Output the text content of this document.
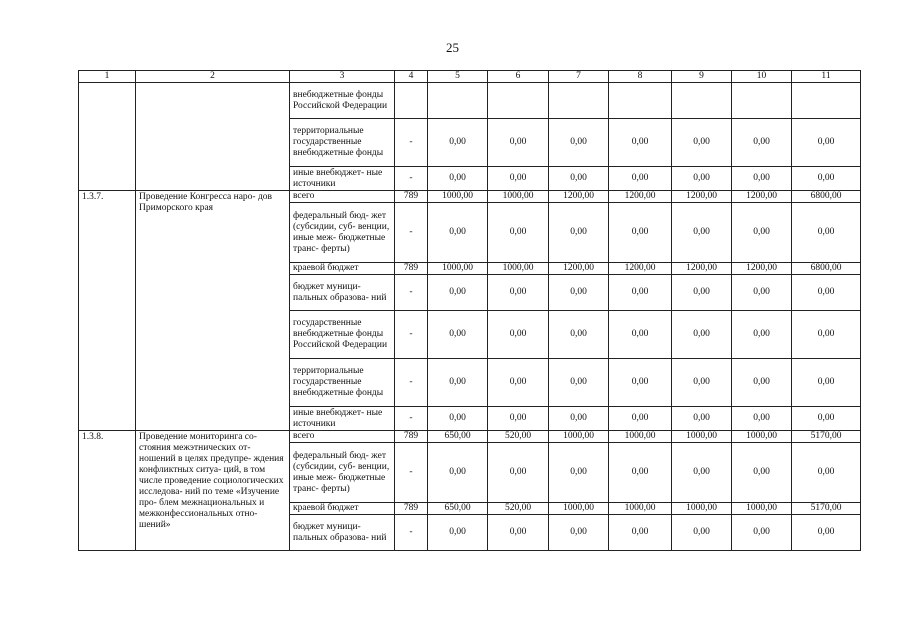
25
1	2	3	4	5	6	7	8	9	10	11
		внебюджетные фонды Российской Федерации								
		территориальные государственные внебюджетные фонды	-	0,00	0,00	0,00	0,00	0,00	0,00	0,00
		иные внебюджет- ные источники	-	0,00	0,00	0,00	0,00	0,00	0,00	0,00
1.3.7.	Проведение Конгресса наро- дов Приморского края	всего	789	1000,00	1000,00	1200,00	1200,00	1200,00	1200,00	6800,00
		федеральный бюд- жет (субсидии, суб- венции, иные меж- бюджетные транс- ферты)	-	0,00	0,00	0,00	0,00	0,00	0,00	0,00
		краевой бюджет	789	1000,00	1000,00	1200,00	1200,00	1200,00	1200,00	6800,00
		бюджет муници- пальных образова- ний	-	0,00	0,00	0,00	0,00	0,00	0,00	0,00
		государственные внебюджетные фонды Российской Федерации	-	0,00	0,00	0,00	0,00	0,00	0,00	0,00
		территориальные государственные внебюджетные фонды	-	0,00	0,00	0,00	0,00	0,00	0,00	0,00
		иные внебюджет- ные источники	-	0,00	0,00	0,00	0,00	0,00	0,00	0,00
1.3.8.	Проведение мониторинга со- стояния межэтнических от- ношений в целях предупре- ждения конфликтных ситуа- ций, в том числе проведение социологических исследова- ний по теме «Изучение про- блем межнациональных и межконфессиональных отно- шений»	всего	789	650,00	520,00	1000,00	1000,00	1000,00	1000,00	5170,00
		федеральный бюд- жет (субсидии, суб- венции, иные меж- бюджетные транс- ферты)	-	0,00	0,00	0,00	0,00	0,00	0,00	0,00
		краевой бюджет	789	650,00	520,00	1000,00	1000,00	1000,00	1000,00	5170,00
		бюджет муници- пальных образова- ний	-	0,00	0,00	0,00	0,00	0,00	0,00	0,00
